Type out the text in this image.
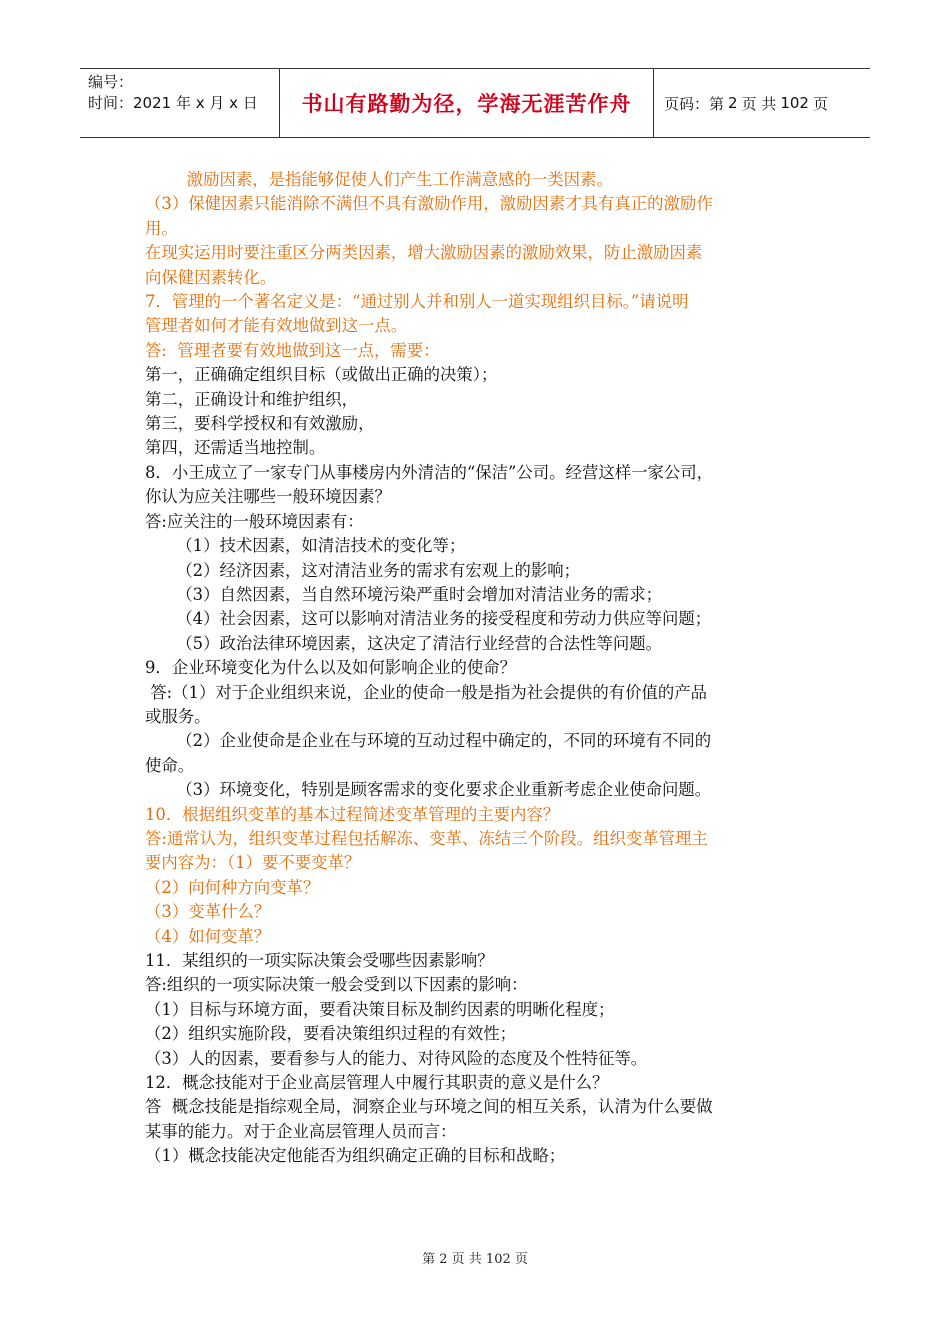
编号：
时间：2021 年 x 月 x 日	书山有路勤为径，学海无涯苦作舟	页码：第 2 页 共 102 页
激励因素，是指能够促使人们产生工作满意感的一类因素。
（3）保健因素只能消除不满但不具有激励作用，激励因素才具有真正的激励作
用。
在现实运用时要注重区分两类因素，增大激励因素的激励效果，防止激励因素
向保健因素转化。
7．管理的一个著名定义是：“通过别人并和别人一道实现组织目标。”请说明
管理者如何才能有效地做到这一点。
答:  管理者要有效地做到这一点，需要：
第一，正确确定组织目标（或做出正确的决策）；
第二，正确设计和维护组织，
第三，要科学授权和有效激励，
第四，还需适当地控制。
8．小王成立了一家专门从事楼房内外清洁的“保洁”公司。经营这样一家公司，
你认为应关注哪些一般环境因素？
答:应关注的一般环境因素有：
（1）技术因素，如清洁技术的变化等；
（2）经济因素，这对清洁业务的需求有宏观上的影响；
（3）自然因素，当自然环境污染严重时会增加对清洁业务的需求；
（4）社会因素，这可以影响对清洁业务的接受程度和劳动力供应等问题；
（5）政治法律环境因素，这决定了清洁行业经营的合法性等问题。
9．企业环境变化为什么以及如何影响企业的使命？
答:（1）对于企业组织来说，企业的使命一般是指为社会提供的有价值的产品
或服务。
（2）企业使命是企业在与环境的互动过程中确定的，不同的环境有不同的
使命。
（3）环境变化，特别是顾客需求的变化要求企业重新考虑企业使命问题。
10．根据组织变革的基本过程简述变革管理的主要内容？
答:通常认为，组织变革过程包括解冻、变革、冻结三个阶段。组织变革管理主
要内容为：（1）要不要变革？
（2）向何种方向变革？
（3）变革什么？
（4）如何变革？
11．某组织的一项实际决策会受哪些因素影响？
答:组织的一项实际决策一般会受到以下因素的影响：
（1）目标与环境方面，要看决策目标及制约因素的明晰化程度；
（2）组织实施阶段，要看决策组织过程的有效性；
（3）人的因素，要看参与人的能力、对待风险的态度及个性特征等。
12．概念技能对于企业高层管理人中履行其职责的意义是什么？
答  概念技能是指综观全局，洞察企业与环境之间的相互关系，认清为什么要做
某事的能力。对于企业高层管理人员而言：
（1）概念技能决定他能否为组织确定正确的目标和战略；
第 2 页 共 102 页
